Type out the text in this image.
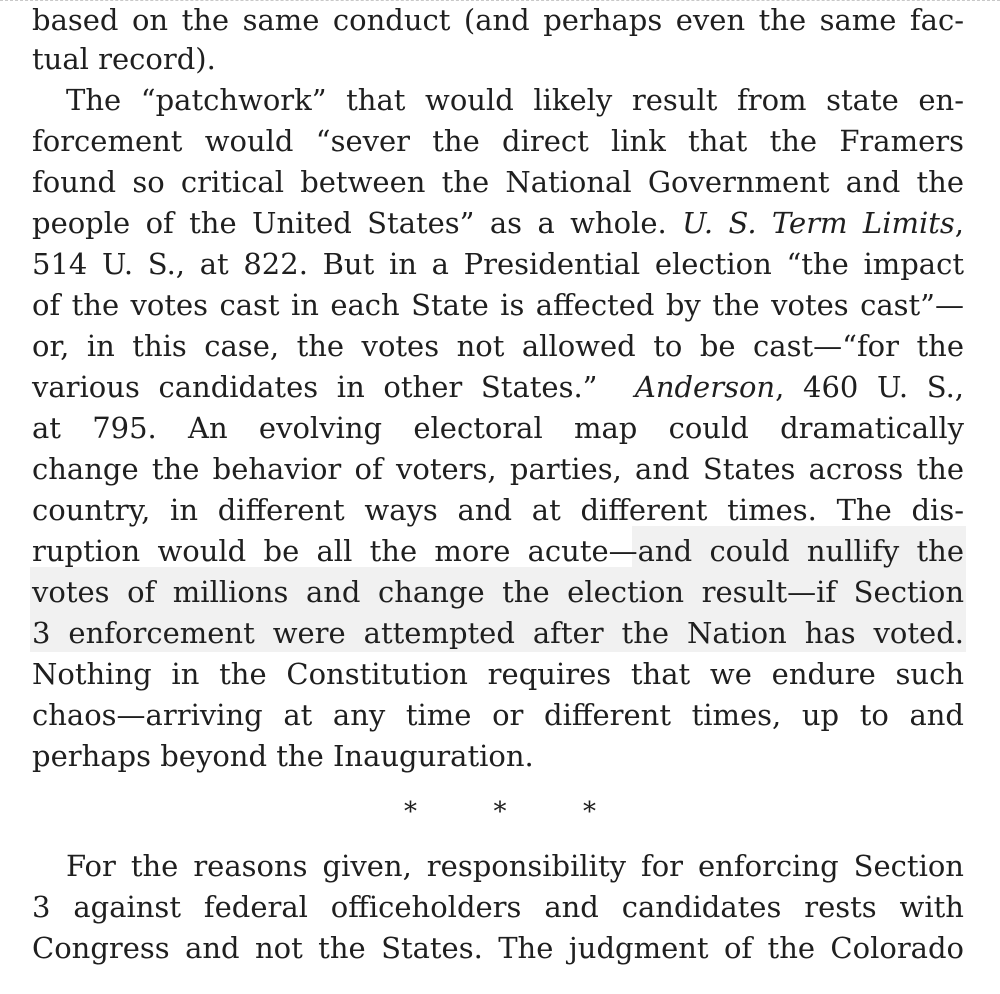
based on the same conduct (and perhaps even the same fac-
tual record).
The “patchwork” that would likely result from state en-
forcement would “sever the direct link that the Framers
found so critical between the National Government and the
people of the United States” as a whole. U. S. Term Limits,
514 U. S., at 822. But in a Presidential election “the impact
of the votes cast in each State is affected by the votes cast”—
or, in this case, the votes not allowed to be cast—“for the
various candidates in other States.” Anderson, 460 U. S.,
at 795. An evolving electoral map could dramatically
change the behavior of voters, parties, and States across the
country, in different ways and at different times. The dis-
ruption would be all the more acute—and could nullify the
votes of millions and change the election result—if Section
3 enforcement were attempted after the Nation has voted.
Nothing in the Constitution requires that we endure such
chaos—arriving at any time or different times, up to and
perhaps beyond the Inauguration.
*	*	*
For the reasons given, responsibility for enforcing Section
3 against federal officeholders and candidates rests with
Congress and not the States. The judgment of the Colorado
